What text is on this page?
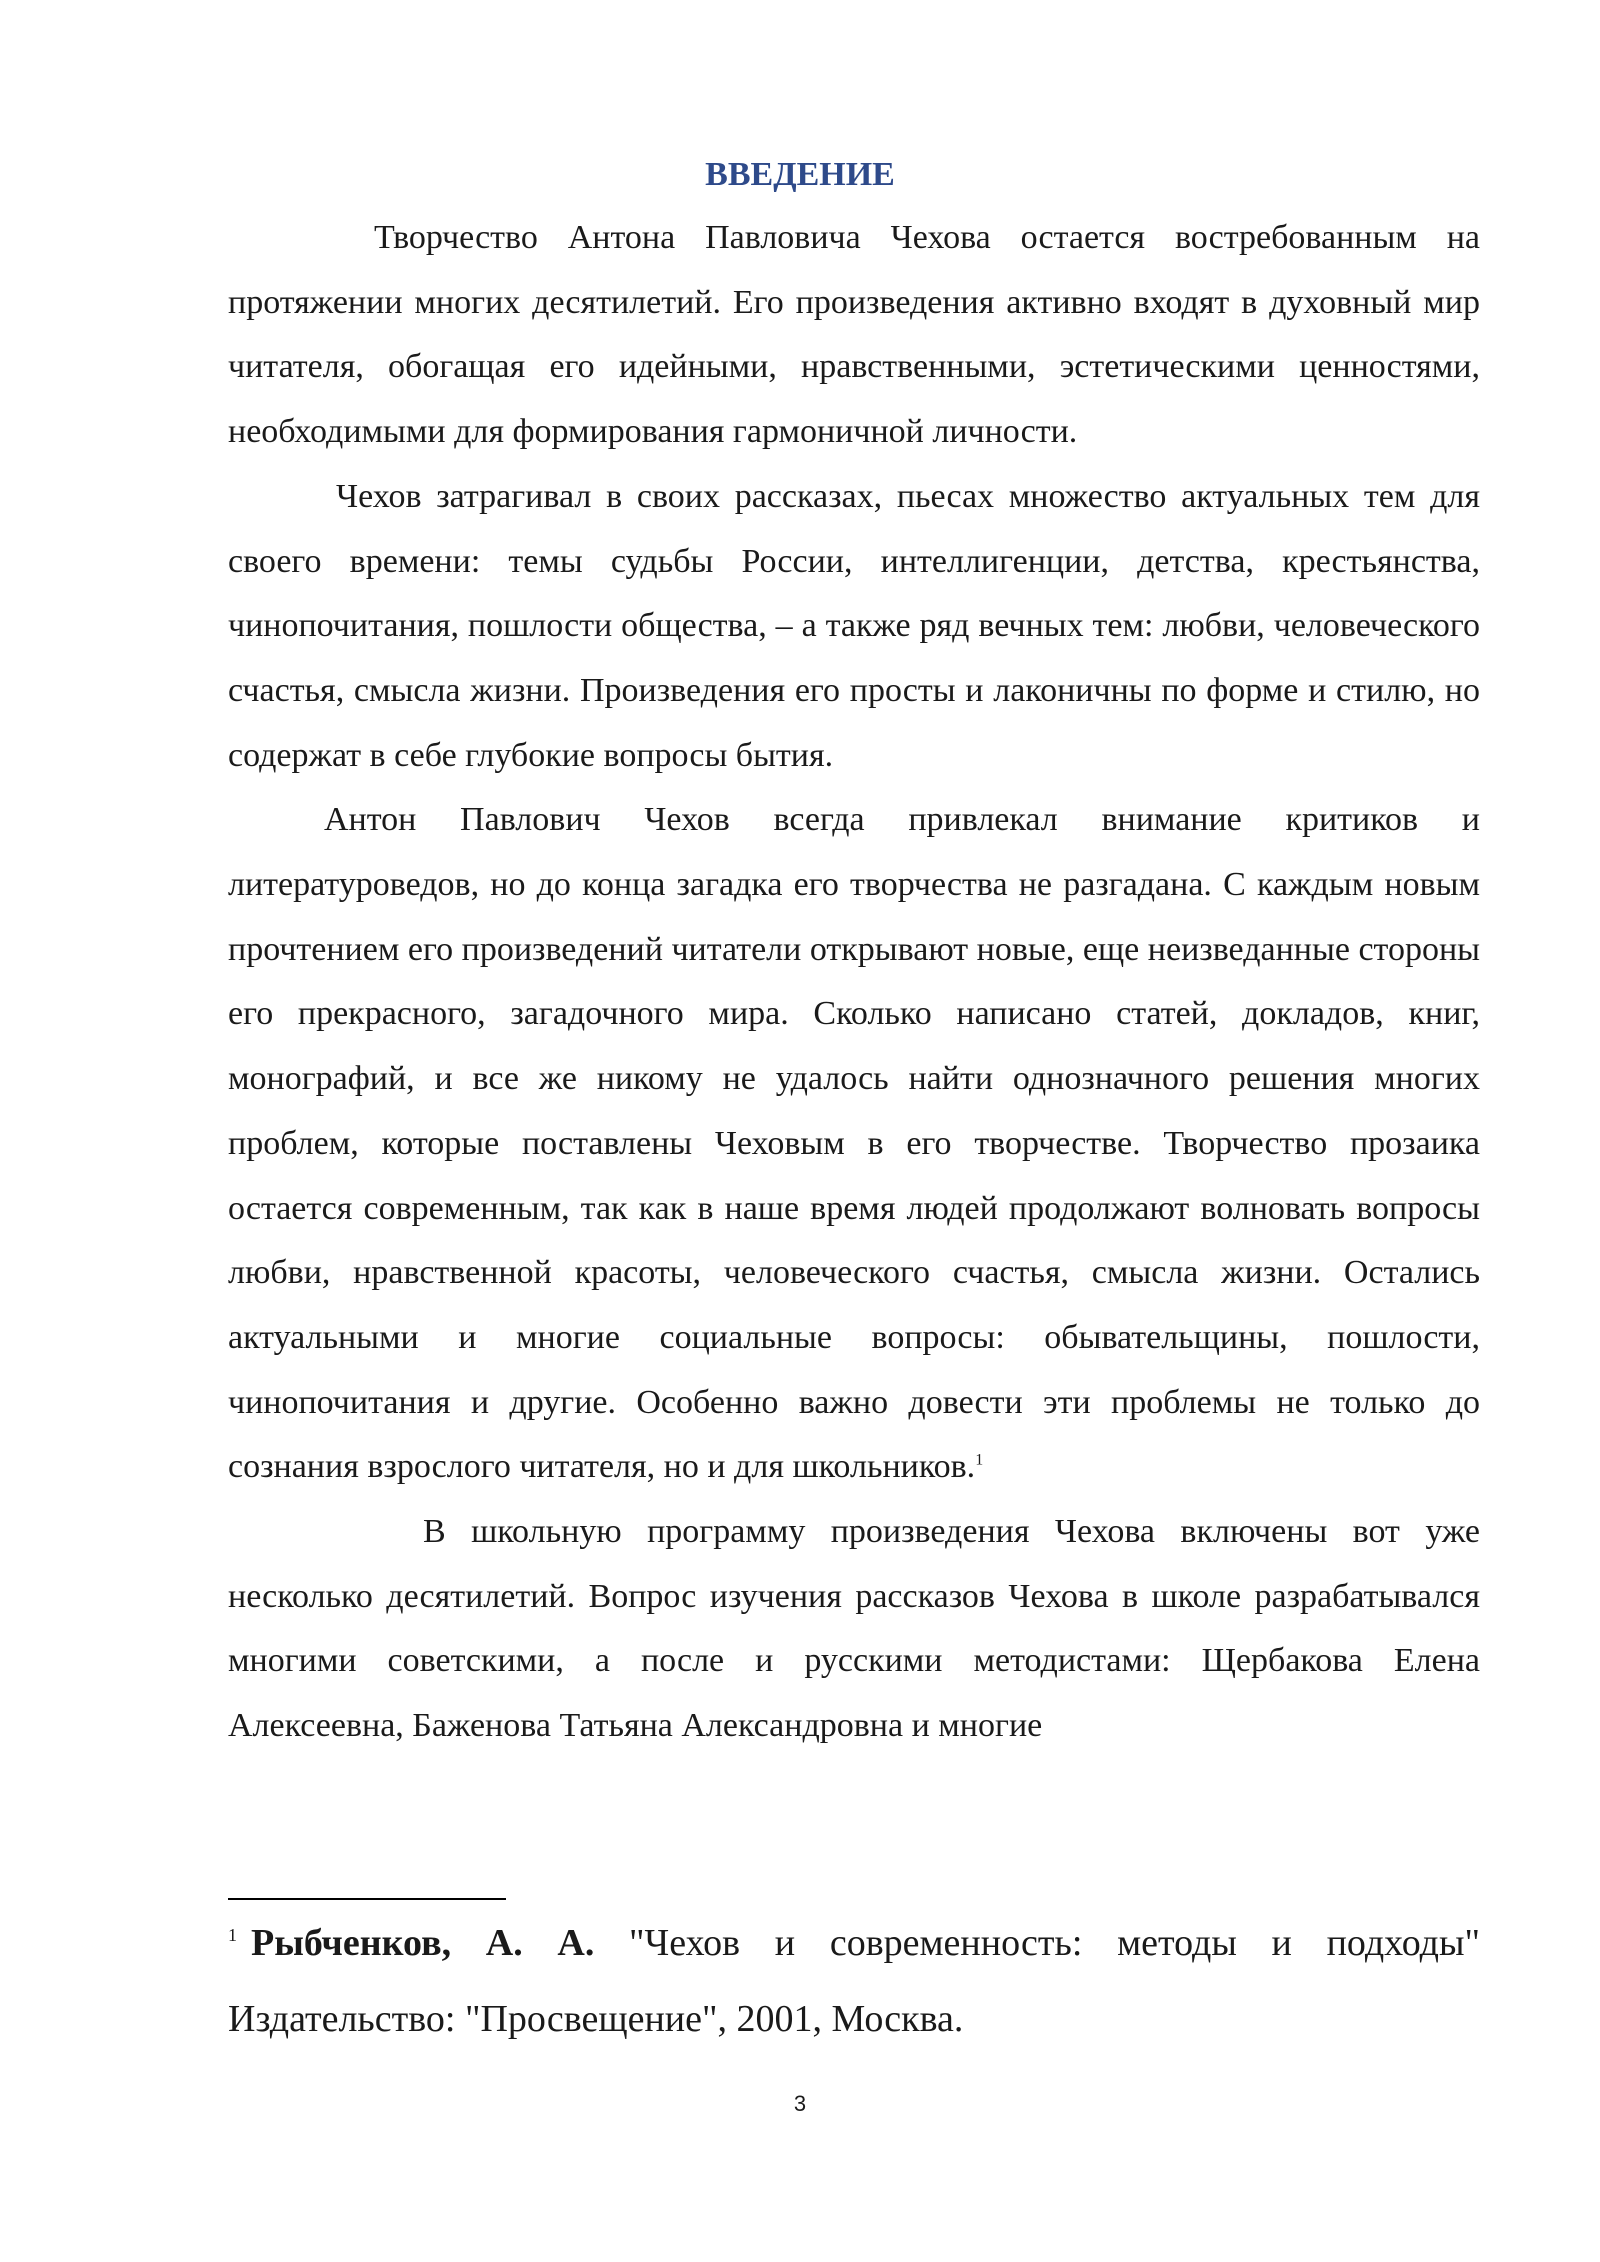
ВВЕДЕНИЕ

Творчество Антона Павловича Чехова остается востребованным на протяжении многих десятилетий. Его произведения активно входят в духовный мир читателя, обогащая его идейными, нравственными, эстетическими ценностями, необходимыми для формирования гармоничной личности.

Чехов затрагивал в своих рассказах, пьесах множество актуальных тем для своего времени: темы судьбы России, интеллигенции, детства, крестьянства, чинопочитания, пошлости общества, – а также ряд вечных тем: любви, человеческого счастья, смысла жизни. Произведения его просты и лаконичны по форме и стилю, но содержат в себе глубокие вопросы бытия.

Антон Павлович Чехов всегда привлекал внимание критиков и литературоведов, но до конца загадка его творчества не разгадана. С каждым новым прочтением его произведений читатели открывают новые, еще неизведанные стороны его прекрасного, загадочного мира. Сколько написано статей, докладов, книг, монографий, и все же никому не удалось найти однозначного решения многих проблем, которые поставлены Чеховым в его творчестве. Творчество прозаика остается современным, так как в наше время людей продолжают волновать вопросы любви, нравственной красоты, человеческого счастья, смысла жизни. Остались актуальными и многие социальные вопросы: обывательщины, пошлости, чинопочитания и другие. Особенно важно довести эти проблемы не только до сознания взрослого читателя, но и для школьников.$^1$

В школьную программу произведения Чехова включены вот уже несколько десятилетий. Вопрос изучения рассказов Чехова в школе разрабатывался многими советскими, а после и русскими методистами: Щербакова Елена Алексеевна, Баженова Татьяна Александровна и многие

$^1$ Рыбченков, А. А. "Чехов и современность: методы и подходы" Издательство: "Просвещение", 2001, Москва.

3
